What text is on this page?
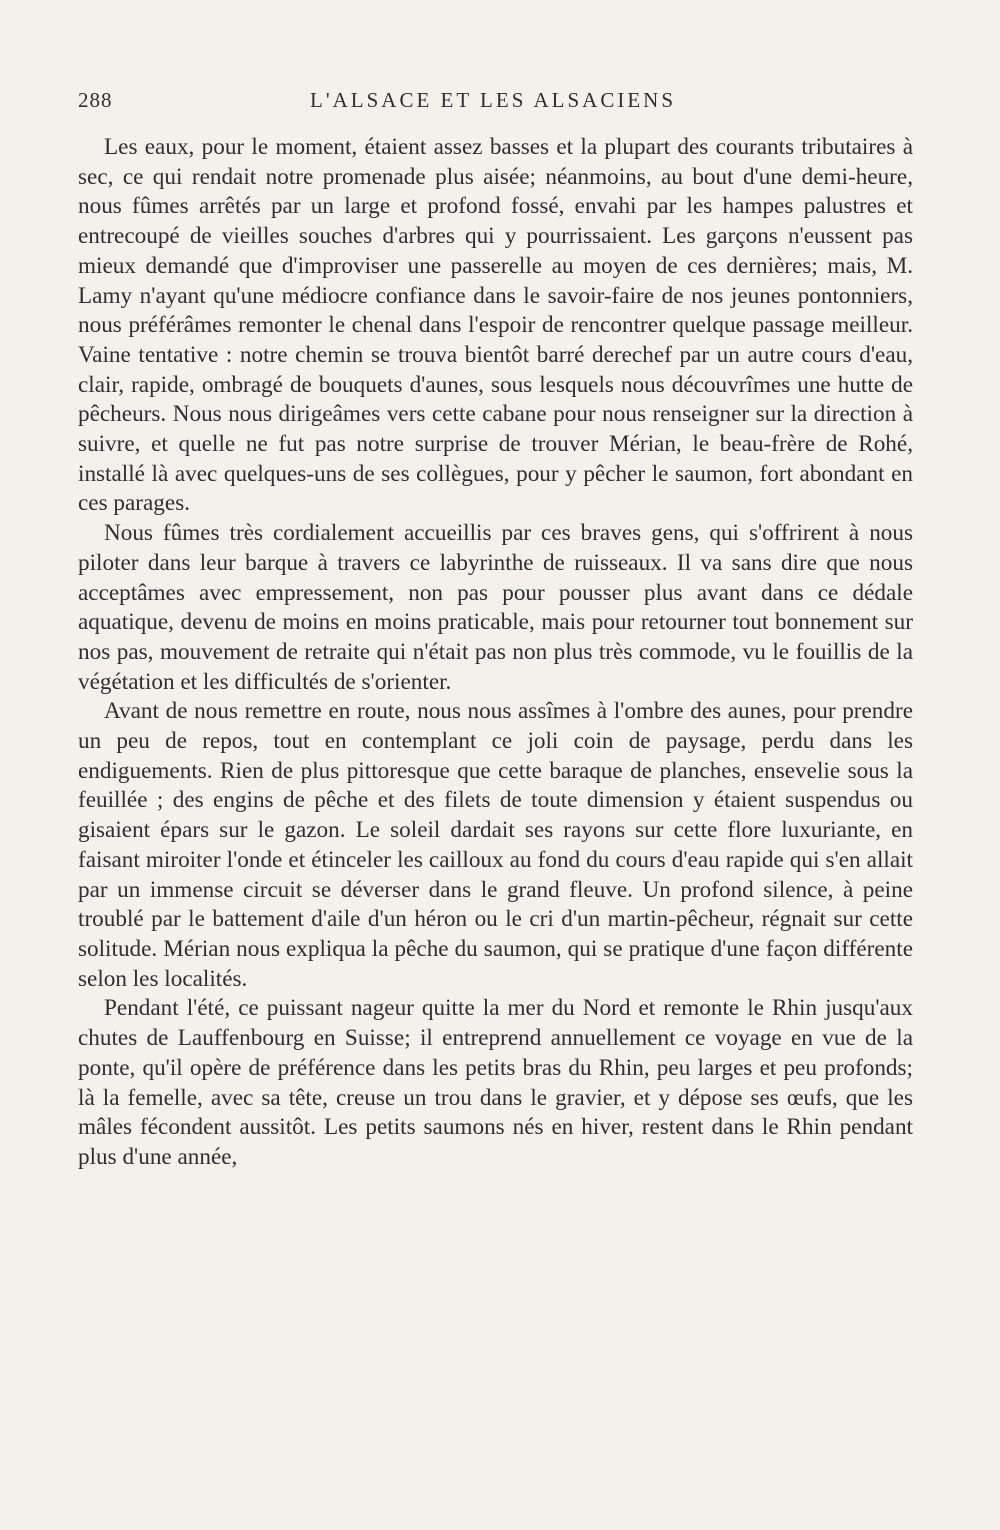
288	L'ALSACE ET LES ALSACIENS

Les eaux, pour le moment, étaient assez basses et la plupart des courants tributaires à sec, ce qui rendait notre promenade plus aisée; néanmoins, au bout d'une demi-heure, nous fûmes arrêtés par un large et profond fossé, envahi par les hampes palustres et entrecoupé de vieilles souches d'arbres qui y pourrissaient. Les garçons n'eussent pas mieux demandé que d'improviser une passerelle au moyen de ces dernières; mais, M. Lamy n'ayant qu'une médiocre confiance dans le savoir-faire de nos jeunes pontonniers, nous préférâmes remonter le chenal dans l'espoir de rencontrer quelque passage meilleur. Vaine tentative : notre chemin se trouva bientôt barré derechef par un autre cours d'eau, clair, rapide, ombragé de bouquets d'aunes, sous lesquels nous découvrîmes une hutte de pêcheurs. Nous nous dirigeâmes vers cette cabane pour nous renseigner sur la direction à suivre, et quelle ne fut pas notre surprise de trouver Mérian, le beau-frère de Rohé, installé là avec quelques-uns de ses collègues, pour y pêcher le saumon, fort abondant en ces parages.

Nous fûmes très cordialement accueillis par ces braves gens, qui s'offrirent à nous piloter dans leur barque à travers ce labyrinthe de ruisseaux. Il va sans dire que nous acceptâmes avec empressement, non pas pour pousser plus avant dans ce dédale aquatique, devenu de moins en moins praticable, mais pour retourner tout bonnement sur nos pas, mouvement de retraite qui n'était pas non plus très commode, vu le fouillis de la végétation et les difficultés de s'orienter.

Avant de nous remettre en route, nous nous assîmes à l'ombre des aunes, pour prendre un peu de repos, tout en contemplant ce joli coin de paysage, perdu dans les endiguements. Rien de plus pittoresque que cette baraque de planches, ensevelie sous la feuillée ; des engins de pêche et des filets de toute dimension y étaient suspendus ou gisaient épars sur le gazon. Le soleil dardait ses rayons sur cette flore luxuriante, en faisant miroiter l'onde et étinceler les cailloux au fond du cours d'eau rapide qui s'en allait par un immense circuit se déverser dans le grand fleuve. Un profond silence, à peine troublé par le battement d'aile d'un héron ou le cri d'un martin-pêcheur, régnait sur cette solitude. Mérian nous expliqua la pêche du saumon, qui se pratique d'une façon différente selon les localités.

Pendant l'été, ce puissant nageur quitte la mer du Nord et remonte le Rhin jusqu'aux chutes de Lauffenbourg en Suisse; il entreprend annuellement ce voyage en vue de la ponte, qu'il opère de préférence dans les petits bras du Rhin, peu larges et peu profonds; là la femelle, avec sa tête, creuse un trou dans le gravier, et y dépose ses œufs, que les mâles fécondent aussitôt. Les petits saumons nés en hiver, restent dans le Rhin pendant plus d'une année,
